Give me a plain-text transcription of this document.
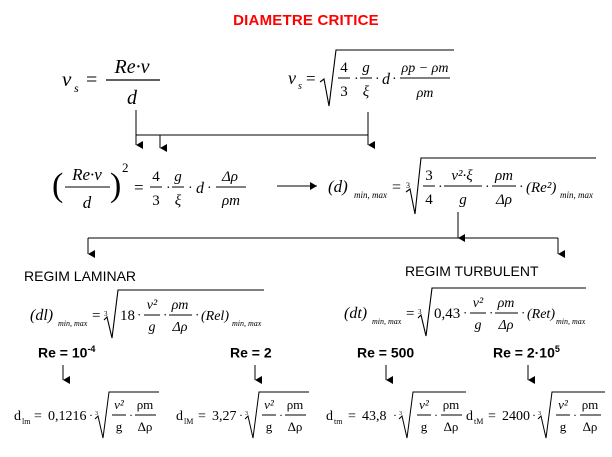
DIAMETRE CRITICE
v s =
Re·ν
d
v s =
4
3
·
g
ξ
· d ·
ρp − ρm
ρm
( Re·ν
d ) 2
=
4
3
·
g
ξ
· d ·
Δρ
ρm
(d) min, max = 3
3
4
·
ν²·ξ
g
·
ρm
Δρ
· (Re²) min, max
REGIM LAMINAR	REGIM TURBULENT
(dl) min, max = 3 18 ·
ν²
g
·
ρm
Δρ
· (Rel) min, max
(dt) min, max = 3 0,43 ·
ν²
g
·
ρm
Δρ
· (Ret) min, max
$Re = 10^{-4}$	Re = 2	Re = 500	$Re = 2\cdot 10^5$
d lm = 0,1216 · 3
ν²
g
·
ρm
Δρ
d lM = 3,27 · 3
ν²
g
·
ρm
Δρ
d tm = 43,8 · 3
ν²
g
·
ρm
Δρ
d tM = 2400 · 3
ν²
g
·
ρm
Δρ
